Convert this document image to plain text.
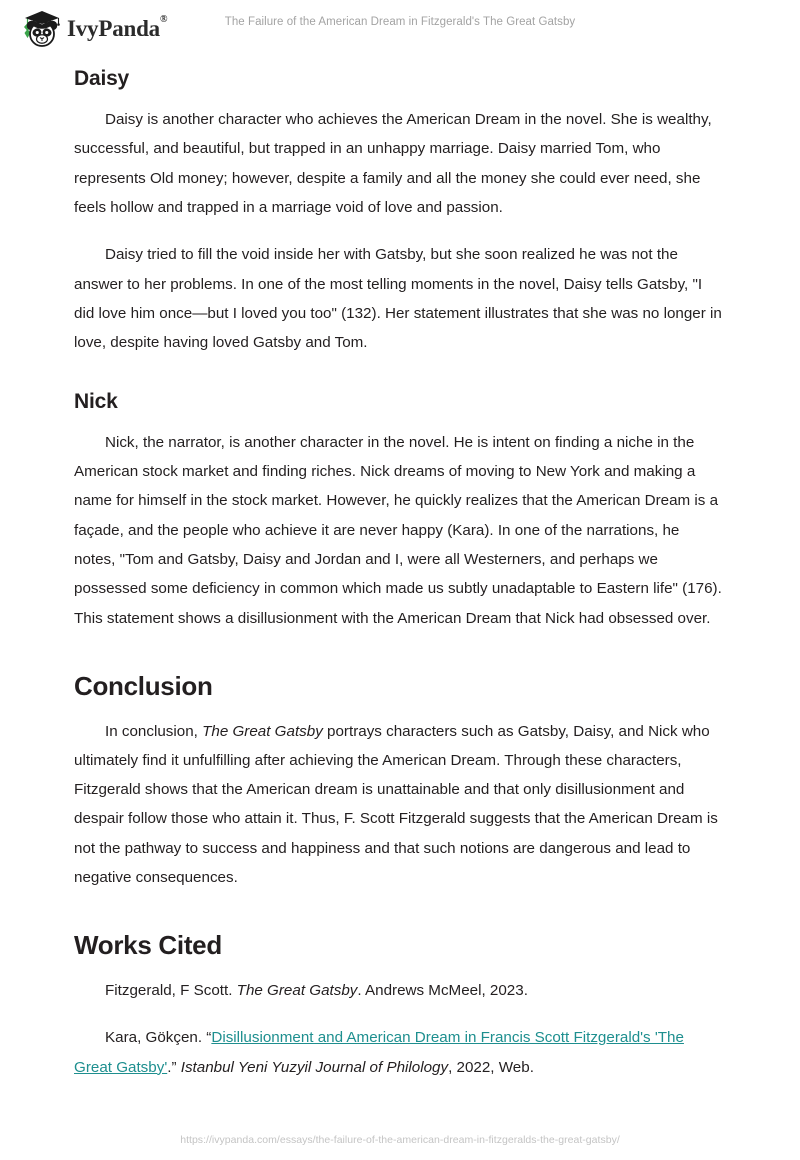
IvyPanda®	The Failure of the American Dream in Fitzgerald's The Great Gatsby
Daisy

Daisy is another character who achieves the American Dream in the novel. She is wealthy, successful, and beautiful, but trapped in an unhappy marriage. Daisy married Tom, who represents Old money; however, despite a family and all the money she could ever need, she feels hollow and trapped in a marriage void of love and passion.

Daisy tried to fill the void inside her with Gatsby, but she soon realized he was not the answer to her problems. In one of the most telling moments in the novel, Daisy tells Gatsby, "I did love him once—but I loved you too" (132). Her statement illustrates that she was no longer in love, despite having loved Gatsby and Tom.

Nick

Nick, the narrator, is another character in the novel. He is intent on finding a niche in the American stock market and finding riches. Nick dreams of moving to New York and making a name for himself in the stock market. However, he quickly realizes that the American Dream is a façade, and the people who achieve it are never happy (Kara). In one of the narrations, he notes, "Tom and Gatsby, Daisy and Jordan and I, were all Westerners, and perhaps we possessed some deficiency in common which made us subtly unadaptable to Eastern life" (176). This statement shows a disillusionment with the American Dream that Nick had obsessed over.

Conclusion

In conclusion, The Great Gatsby portrays characters such as Gatsby, Daisy, and Nick who ultimately find it unfulfilling after achieving the American Dream. Through these characters, Fitzgerald shows that the American dream is unattainable and that only disillusionment and despair follow those who attain it. Thus, F. Scott Fitzgerald suggests that the American Dream is not the pathway to success and happiness and that such notions are dangerous and lead to negative consequences.

Works Cited

Fitzgerald, F Scott. The Great Gatsby. Andrews McMeel, 2023.

Kara, Gökçen. “Disillusionment and American Dream in Francis Scott Fitzgerald's 'The Great Gatsby'.” Istanbul Yeni Yuzyil Journal of Philology, 2022, Web.

https://ivypanda.com/essays/the-failure-of-the-american-dream-in-fitzgeralds-the-great-gatsby/
